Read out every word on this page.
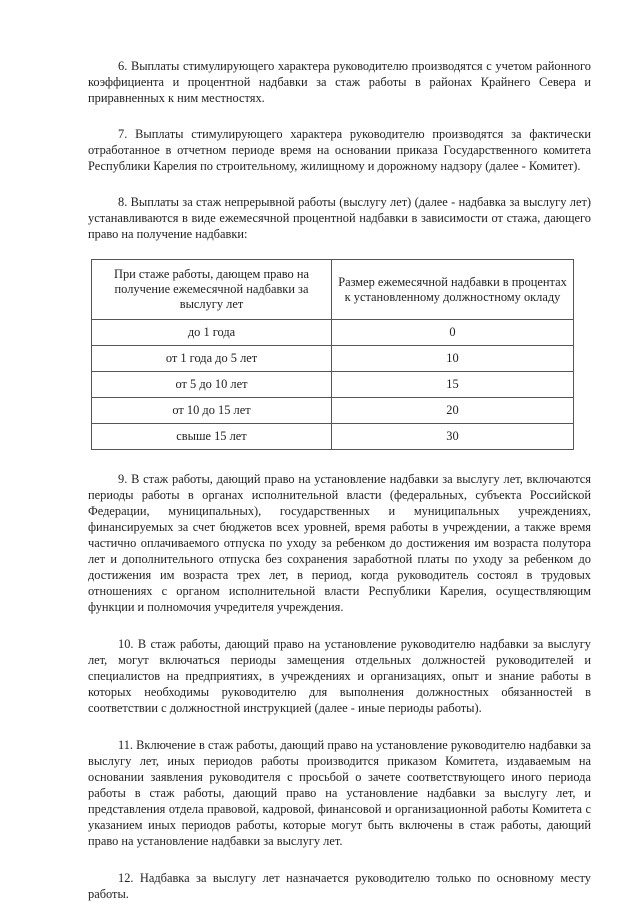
6. Выплаты стимулирующего характера руководителю производятся с учетом районного коэффициента и процентной надбавки за стаж работы в районах Крайнего Севера и приравненных к ним местностях.

7. Выплаты стимулирующего характера руководителю производятся за фактически отработанное в отчетном периоде время на основании приказа Государственного комитета Республики Карелия по строительному, жилищному и дорожному надзору (далее - Комитет).

8. Выплаты за стаж непрерывной работы (выслугу лет) (далее - надбавка за выслугу лет) устанавливаются в виде ежемесячной процентной надбавки в зависимости от стажа, дающего право на получение надбавки:

При стаже работы, дающем право на получение ежемесячной надбавки за выслугу лет	Размер ежемесячной надбавки в процентах к установленному должностному окладу
до 1 года	0
от 1 года до 5 лет	10
от 5 до 10 лет	15
от 10 до 15 лет	20
свыше 15 лет	30

9. В стаж работы, дающий право на установление надбавки за выслугу лет, включаются периоды работы в органах исполнительной власти (федеральных, субъекта Российской Федерации, муниципальных), государственных и муниципальных учреждениях, финансируемых за счет бюджетов всех уровней, время работы в учреждении, а также время частично оплачиваемого отпуска по уходу за ребенком до достижения им возраста полутора лет и дополнительного отпуска без сохранения заработной платы по уходу за ребенком до достижения им возраста трех лет, в период, когда руководитель состоял в трудовых отношениях с органом исполнительной власти Республики Карелия, осуществляющим функции и полномочия учредителя учреждения.

10. В стаж работы, дающий право на установление руководителю надбавки за выслугу лет, могут включаться периоды замещения отдельных должностей руководителей и специалистов на предприятиях, в учреждениях и организациях, опыт и знание работы в которых необходимы руководителю для выполнения должностных обязанностей в соответствии с должностной инструкцией (далее - иные периоды работы).

11. Включение в стаж работы, дающий право на установление руководителю надбавки за выслугу лет, иных периодов работы производится приказом Комитета, издаваемым на основании заявления руководителя с просьбой о зачете соответствующего иного периода работы в стаж работы, дающий право на установление надбавки за выслугу лет, и представления отдела правовой, кадровой, финансовой и организационной работы Комитета с указанием иных периодов работы, которые могут быть включены в стаж работы, дающий право на установление надбавки за выслугу лет.

12. Надбавка за выслугу лет назначается руководителю только по основному месту работы.
